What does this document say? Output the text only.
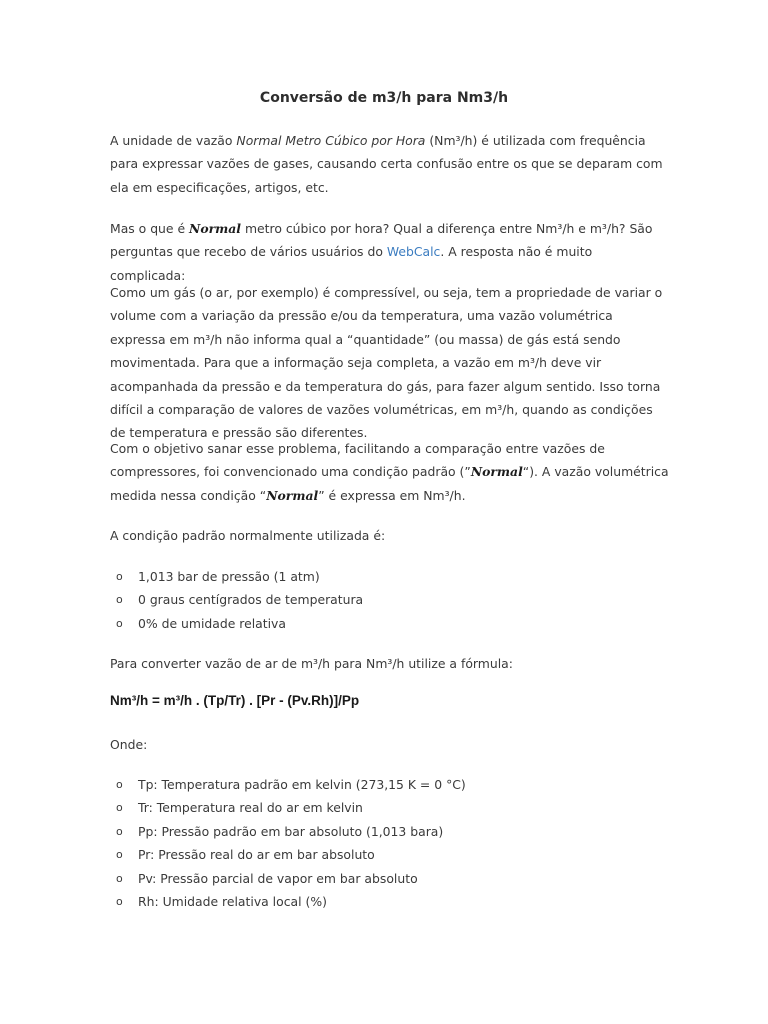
Conversão de m3/h para Nm3/h

A unidade de vazão Normal Metro Cúbico por Hora (Nm³/h) é utilizada com frequência para expressar vazões de gases, causando certa confusão entre os que se deparam com ela em especificações, artigos, etc.

Mas o que é Normal metro cúbico por hora? Qual a diferença entre Nm³/h e m³/h? São perguntas que recebo de vários usuários do WebCalc. A resposta não é muito complicada:

Como um gás (o ar, por exemplo) é compressível, ou seja, tem a propriedade de variar o volume com a variação da pressão e/ou da temperatura, uma vazão volumétrica expressa em m³/h não informa qual a “quantidade” (ou massa) de gás está sendo movimentada. Para que a informação seja completa, a vazão em m³/h deve vir acompanhada da pressão e da temperatura do gás, para fazer algum sentido. Isso torna difícil a comparação de valores de vazões volumétricas, em m³/h, quando as condições de temperatura e pressão são diferentes.

Com o objetivo sanar esse problema, facilitando a comparação entre vazões de compressores, foi convencionado uma condição padrão (”Normal“). A vazão volumétrica medida nessa condição “Normal” é expressa em Nm³/h.

A condição padrão normalmente utilizada é:

o 1,013 bar de pressão (1 atm)
o 0 graus centígrados de temperatura
o 0% de umidade relativa

Para converter vazão de ar de m³/h para Nm³/h utilize a fórmula:

Nm³/h = m³/h . (Tp/Tr) . [Pr - (Pv.Rh)]/Pp

Onde:

o Tp: Temperatura padrão em kelvin (273,15 K = 0 °C)
o Tr: Temperatura real do ar em kelvin
o Pp: Pressão padrão em bar absoluto (1,013 bara)
o Pr: Pressão real do ar em bar absoluto
o Pv: Pressão parcial de vapor em bar absoluto
o Rh: Umidade relativa local (%)
